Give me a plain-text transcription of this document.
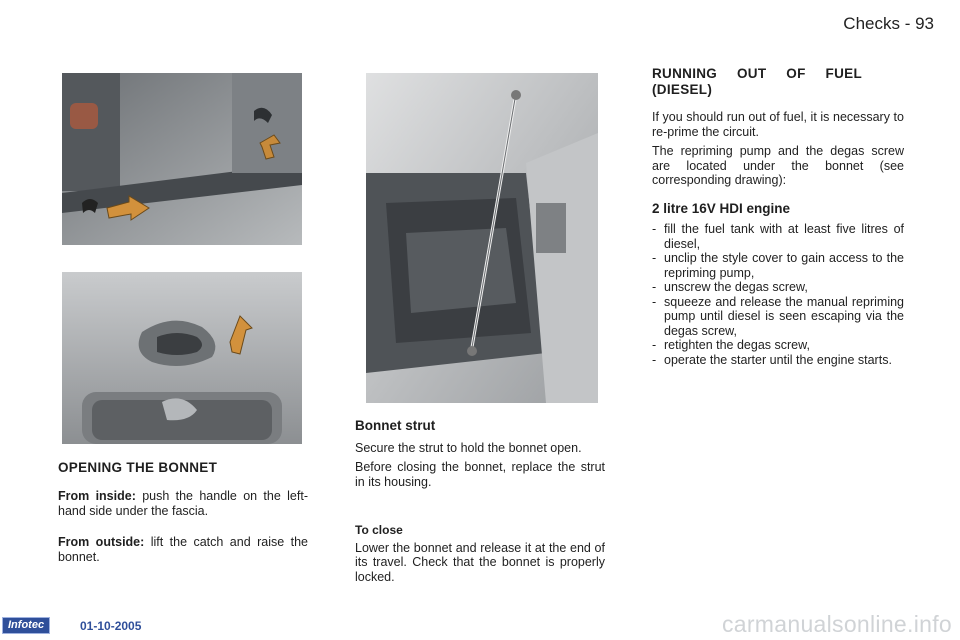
Checks - 93

OPENING THE BONNET

From inside: push the handle on the left-hand side under the fascia.

From outside: lift the catch and raise the bonnet.

Bonnet strut

Secure the strut to hold the bonnet open.

Before closing the bonnet, replace the strut in its housing.

To close

Lower the bonnet and release it at the end of its travel. Check that the bonnet is properly locked.

RUNNING OUT OF FUEL (DIESEL)

If you should run out of fuel, it is necessary to re-prime the circuit.

The repriming pump and the degas screw are located under the bonnet (see corresponding drawing):

2 litre 16V HDI engine

- fill the fuel tank with at least five litres of diesel,
- unclip the style cover to gain access to the repriming pump,
- unscrew the degas screw,
- squeeze and release the manual repriming pump until diesel is seen escaping via the degas screw,
- retighten the degas screw,
- operate the starter until the engine starts.
Infotec	01-10-2005	carmanualsonline.info
